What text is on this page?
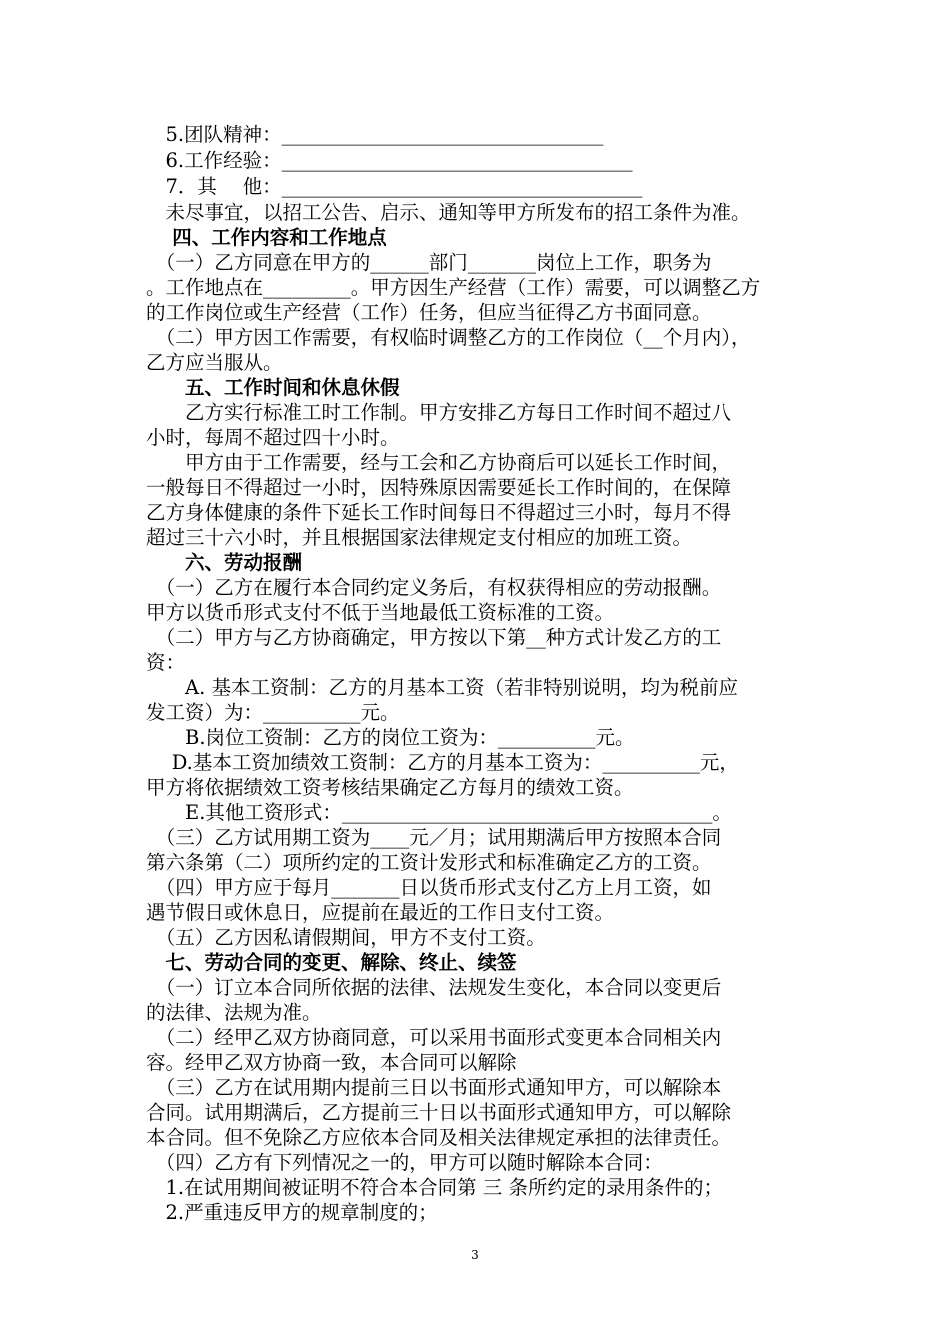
　5.团队精神：_________________________________
　6.工作经验：____________________________________
　7．其　 他：_____________________________________
　未尽事宜，以招工公告、启示、通知等甲方所发布的招工条件为准。
　 四、工作内容和工作地点
　（一）乙方同意在甲方的______部门_______岗位上工作，职务为
。工作地点在_________。甲方因生产经营（工作）需要，可以调整乙方
的工作岗位或生产经营（工作）任务，但应当征得乙方书面同意。
　（二）甲方因工作需要，有权临时调整乙方的工作岗位（__个月内），
乙方应当服从。
　　五、工作时间和休息休假
　　乙方实行标准工时工作制。甲方安排乙方每日工作时间不超过八
小时，每周不超过四十小时。
　　甲方由于工作需要，经与工会和乙方协商后可以延长工作时间，
一般每日不得超过一小时，因特殊原因需要延长工作时间的，在保障
乙方身体健康的条件下延长工作时间每日不得超过三小时，每月不得
超过三十六小时，并且根据国家法律规定支付相应的加班工资。
　　六、劳动报酬
　（一）乙方在履行本合同约定义务后，有权获得相应的劳动报酬。
甲方以货币形式支付不低于当地最低工资标准的工资。
　（二）甲方与乙方协商确定，甲方按以下第__种方式计发乙方的工
资：
　　A. 基本工资制：乙方的月基本工资（若非特别说明，均为税前应
发工资）为：__________元。
　　B.岗位工资制：乙方的岗位工资为：__________元。
　 D.基本工资加绩效工资制：乙方的月基本工资为：__________元，
甲方将依据绩效工资考核结果确定乙方每月的绩效工资。
　　E.其他工资形式：______________________________________。
　（三）乙方试用期工资为____元／月；试用期满后甲方按照本合同
第六条第（二）项所约定的工资计发形式和标准确定乙方的工资。
　（四）甲方应于每月_______日以货币形式支付乙方上月工资，如
遇节假日或休息日，应提前在最近的工作日支付工资。
　（五）乙方因私请假期间，甲方不支付工资。
　七、劳动合同的变更、解除、终止、续签
　（一）订立本合同所依据的法律、法规发生变化，本合同以变更后
的法律、法规为准。
　（二）经甲乙双方协商同意，可以采用书面形式变更本合同相关内
容。经甲乙双方协商一致，本合同可以解除
　（三）乙方在试用期内提前三日以书面形式通知甲方，可以解除本
合同。试用期满后，乙方提前三十日以书面形式通知甲方，可以解除
本合同。但不免除乙方应依本合同及相关法律规定承担的法律责任。
　（四）乙方有下列情况之一的，甲方可以随时解除本合同：
　1.在试用期间被证明不符合本合同第 三 条所约定的录用条件的；
　2.严重违反甲方的规章制度的；
3
